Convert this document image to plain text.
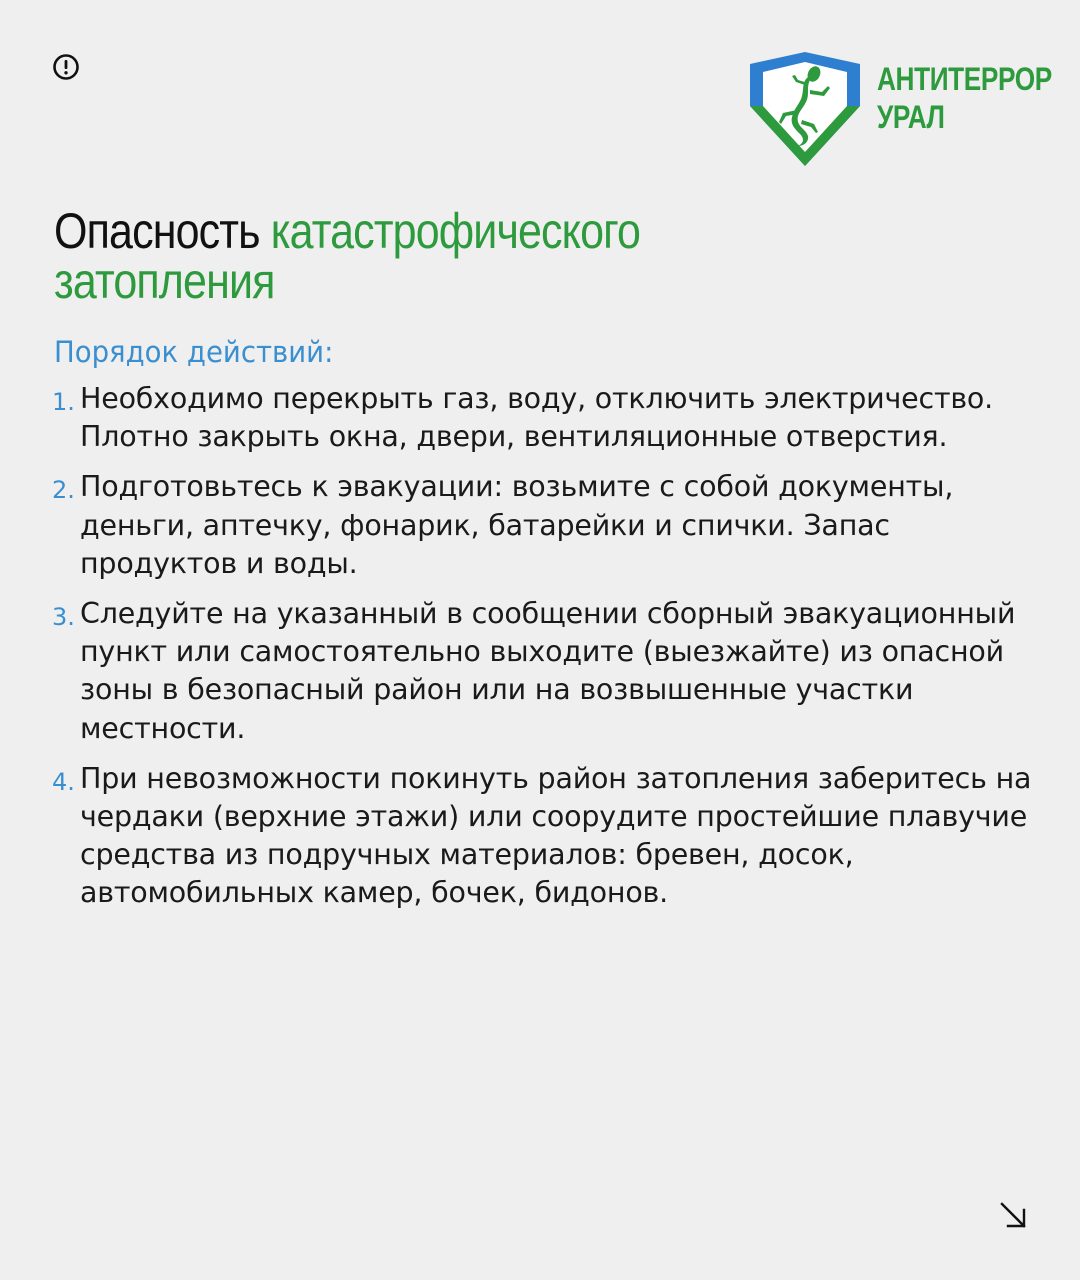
АНТИТЕРРОР
УРАЛ
Опасность катастрофического
затопления
Порядок действий:
1. Необходимо перекрыть газ, воду, отключить электричество. Плотно закрыть окна, двери, вентиляционные отверстия.
2. Подготовьтесь к эвакуации: возьмите с собой документы, деньги, аптечку, фонарик, батарейки и спички. Запас продуктов и воды.
3. Следуйте на указанный в сообщении сборный эвакуационный пункт или самостоятельно выходите (выезжайте) из опасной зоны в безопасный район или на возвышенные участки местности.
4. При невозможности покинуть район затопления заберитесь на чердаки (верхние этажи) или соорудите простейшие плавучие средства из подручных материалов: бревен, досок, автомобильных камер, бочек, бидонов.
